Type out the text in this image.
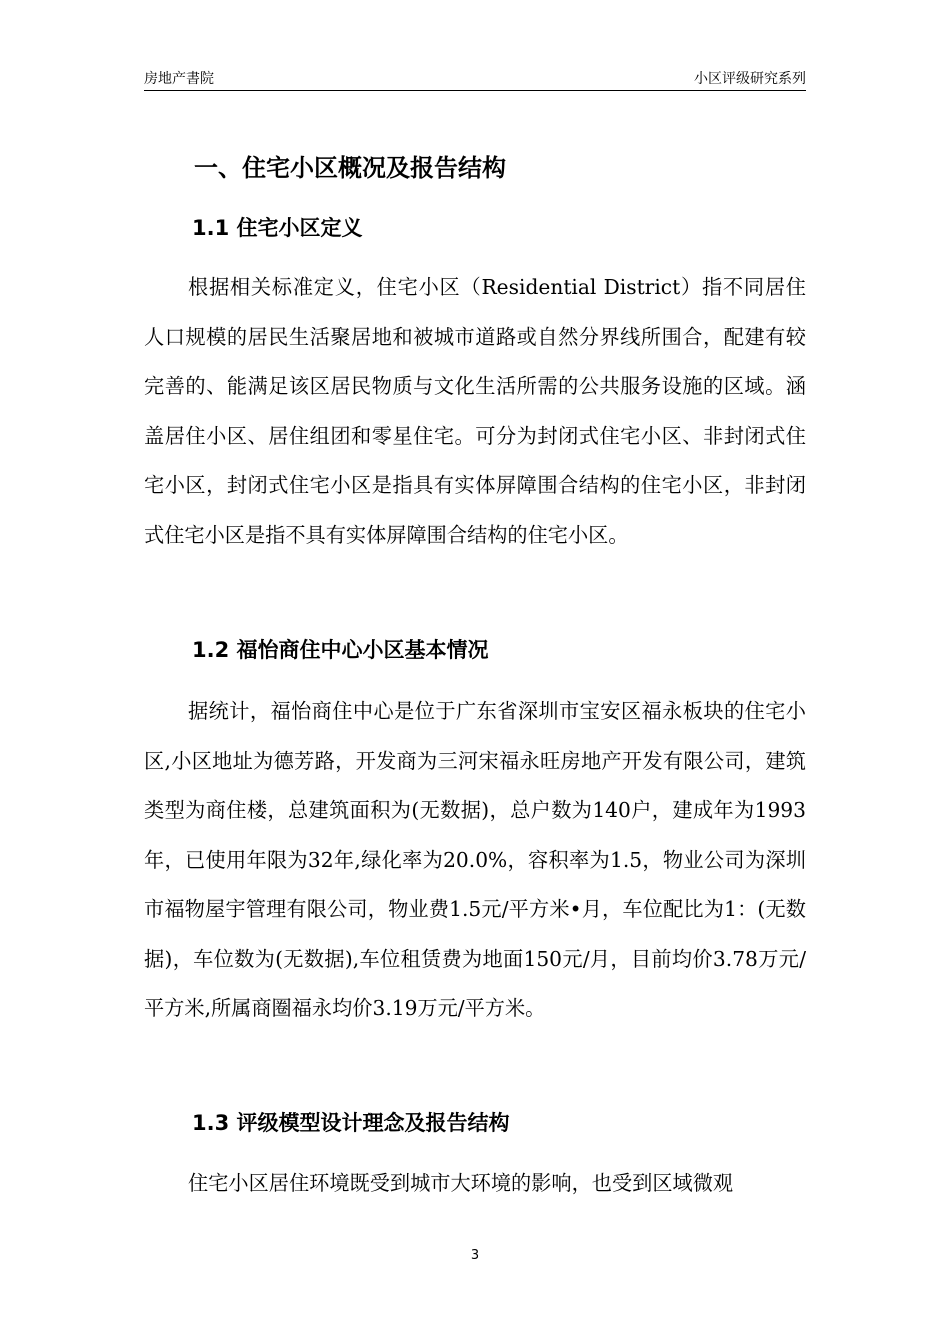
房地产書院	小区评级研究系列
一、住宅小区概况及报告结构
1.1 住宅小区定义

根据相关标准定义，住宅小区（Residential District）指不同居住人口规模的居民生活聚居地和被城市道路或自然分界线所围合，配建有较完善的、能满足该区居民物质与文化生活所需的公共服务设施的区域。涵盖居住小区、居住组团和零星住宅。可分为封闭式住宅小区、非封闭式住宅小区，封闭式住宅小区是指具有实体屏障围合结构的住宅小区，非封闭式住宅小区是指不具有实体屏障围合结构的住宅小区。

1.2 福怡商住中心小区基本情况

据统计，福怡商住中心是位于广东省深圳市宝安区福永板块的住宅小区,小区地址为德芳路，开发商为三河宋福永旺房地产开发有限公司，建筑类型为商住楼，总建筑面积为(无数据)，总户数为140户，建成年为1993年，已使用年限为32年,绿化率为20.0%，容积率为1.5，物业公司为深圳市福物屋宇管理有限公司，物业费1.5元/平方米•月，车位配比为1：(无数据)，车位数为(无数据),车位租赁费为地面150元/月，目前均价3.78万元/平方米,所属商圈福永均价3.19万元/平方米。

1.3 评级模型设计理念及报告结构

住宅小区居住环境既受到城市大环境的影响，也受到区域微观

3
